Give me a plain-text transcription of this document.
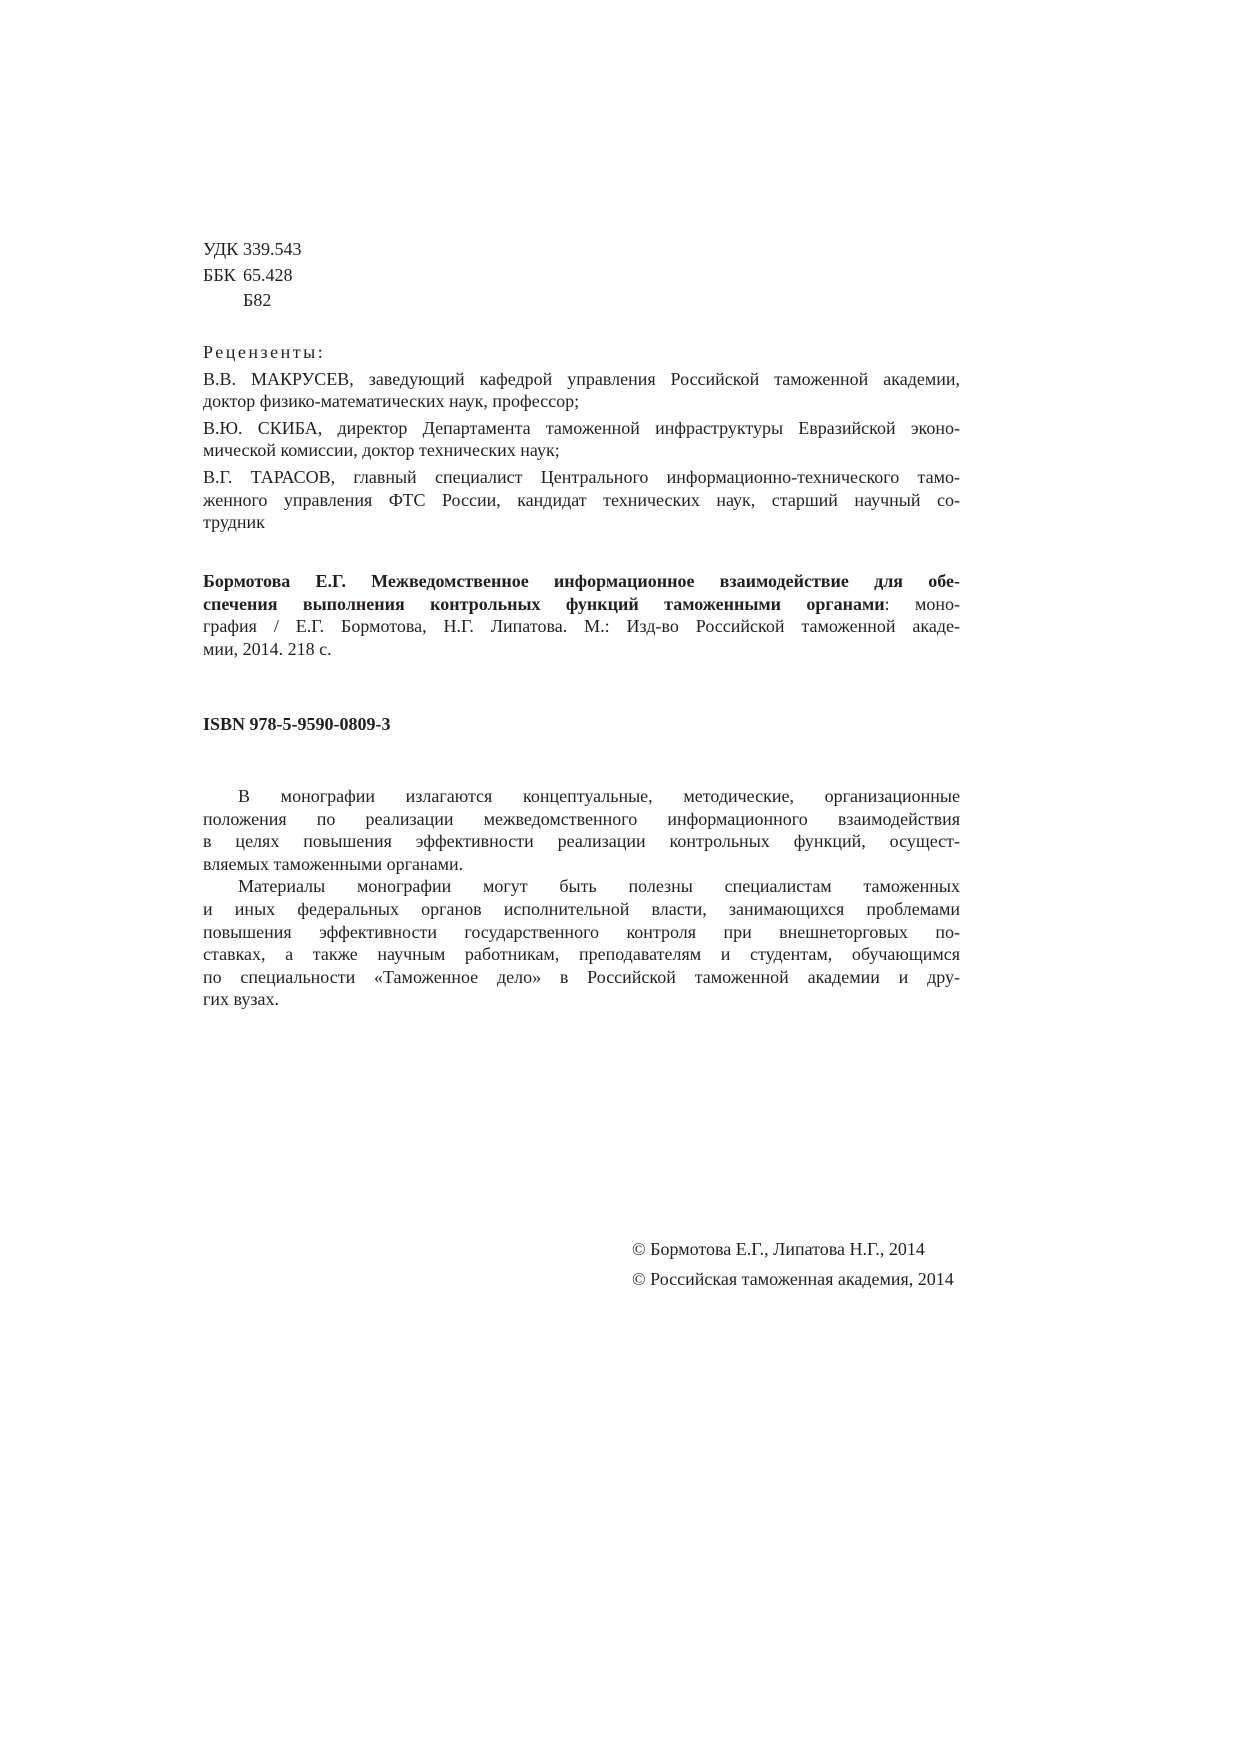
УДК 339.543
ББК 65.428
Б82
Рецензенты:
В.В. МАКРУСЕВ, заведующий кафедрой управления Российской таможенной академии,
доктор физико-математических наук, профессор;
В.Ю. СКИБА, директор Департамента таможенной инфраструктуры Евразийской эконо-
мической комиссии, доктор технических наук;
В.Г. ТАРАСОВ, главный специалист Центрального информационно-технического тамо-
женного управления ФТС России, кандидат технических наук, старший научный со-
трудник
Бормотова Е.Г. Межведомственное информационное взаимодействие для обе-
спечения выполнения контрольных функций таможенными органами: моно-
графия / Е.Г. Бормотова, Н.Г. Липатова. М.: Изд-во Российской таможенной акаде-
мии, 2014. 218 с.
ISBN 978-5-9590-0809-3
В монографии излагаются концептуальные, методические, организационные
положения по реализации межведомственного информационного взаимодействия
в целях повышения эффективности реализации контрольных функций, осущест-
вляемых таможенными органами.
Материалы монографии могут быть полезны специалистам таможенных
и иных федеральных органов исполнительной власти, занимающихся проблемами
повышения эффективности государственного контроля при внешнеторговых по-
ставках, а также научным работникам, преподавателям и студентам, обучающимся
по специальности «Таможенное дело» в Российской таможенной академии и дру-
гих вузах.
© Бормотова Е.Г., Липатова Н.Г., 2014
© Российская таможенная академия, 2014
